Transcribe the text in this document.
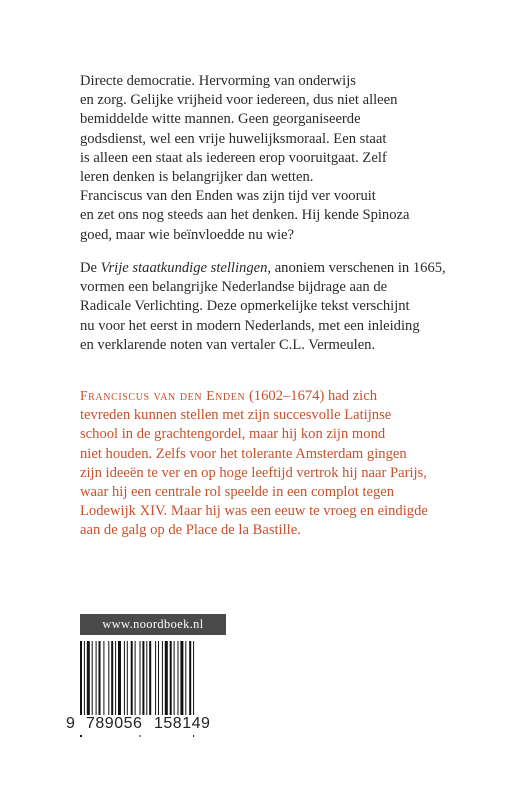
Directe democratie. Hervorming van onderwijs
en zorg. Gelijke vrijheid voor iedereen, dus niet alleen
bemiddelde witte mannen. Geen georganiseerde
godsdienst, wel een vrije huwelijksmoraal. Een staat
is alleen een staat als iedereen erop vooruitgaat. Zelf
leren denken is belangrijker dan wetten.
Franciscus van den Enden was zijn tijd ver vooruit
en zet ons nog steeds aan het denken. Hij kende Spinoza
goed, maar wie beïnvloedde nu wie?
De Vrije staatkundige stellingen, anoniem verschenen in 1665,
vormen een belangrijke Nederlandse bijdrage aan de
Radicale Verlichting. Deze opmerkelijke tekst verschijnt
nu voor het eerst in modern Nederlands, met een inleiding
en verklarende noten van vertaler C.L. Vermeulen.
Franciscus van den Enden (1602–1674) had zich
tevreden kunnen stellen met zijn succesvolle Latijnse
school in de grachtengordel, maar hij kon zijn mond
niet houden. Zelfs voor het tolerante Amsterdam gingen
zijn ideeën te ver en op hoge leeftijd vertrok hij naar Parijs,
waar hij een centrale rol speelde in een complot tegen
Lodewijk XIV. Maar hij was een eeuw te vroeg en eindigde
aan de galg op de Place de la Bastille.
www.noordboek.nl
9 789056 158149
